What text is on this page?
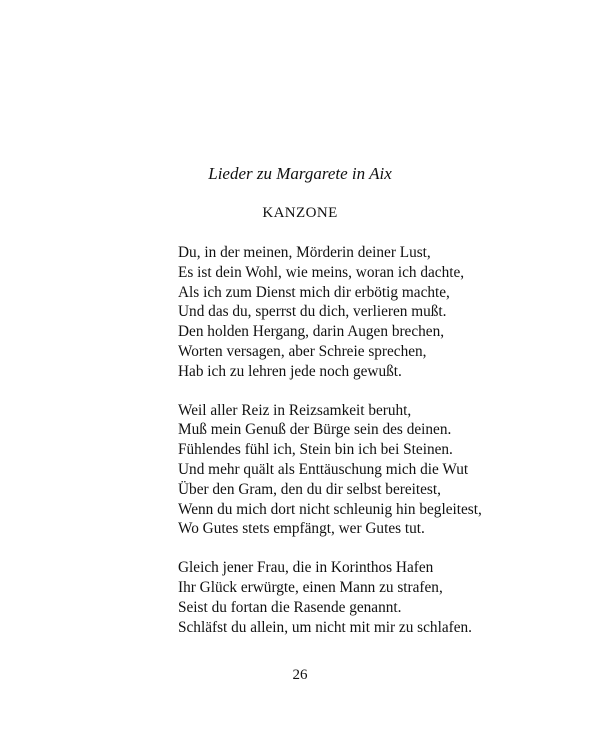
Lieder zu Margarete in Aix
KANZONE
Du, in der meinen, Mörderin deiner Lust,
Es ist dein Wohl, wie meins, woran ich dachte,
Als ich zum Dienst mich dir erbötig machte,
Und das du, sperrst du dich, verlieren mußt.
Den holden Hergang, darin Augen brechen,
Worten versagen, aber Schreie sprechen,
Hab ich zu lehren jede noch gewußt.
Weil aller Reiz in Reizsamkeit beruht,
Muß mein Genuß der Bürge sein des deinen.
Fühlendes fühl ich, Stein bin ich bei Steinen.
Und mehr quält als Enttäuschung mich die Wut
Über den Gram, den du dir selbst bereitest,
Wenn du mich dort nicht schleunig hin begleitest,
Wo Gutes stets empfängt, wer Gutes tut.
Gleich jener Frau, die in Korinthos Hafen
Ihr Glück erwürgte, einen Mann zu strafen,
Seist du fortan die Rasende genannt.
Schläfst du allein, um nicht mit mir zu schlafen.
26
